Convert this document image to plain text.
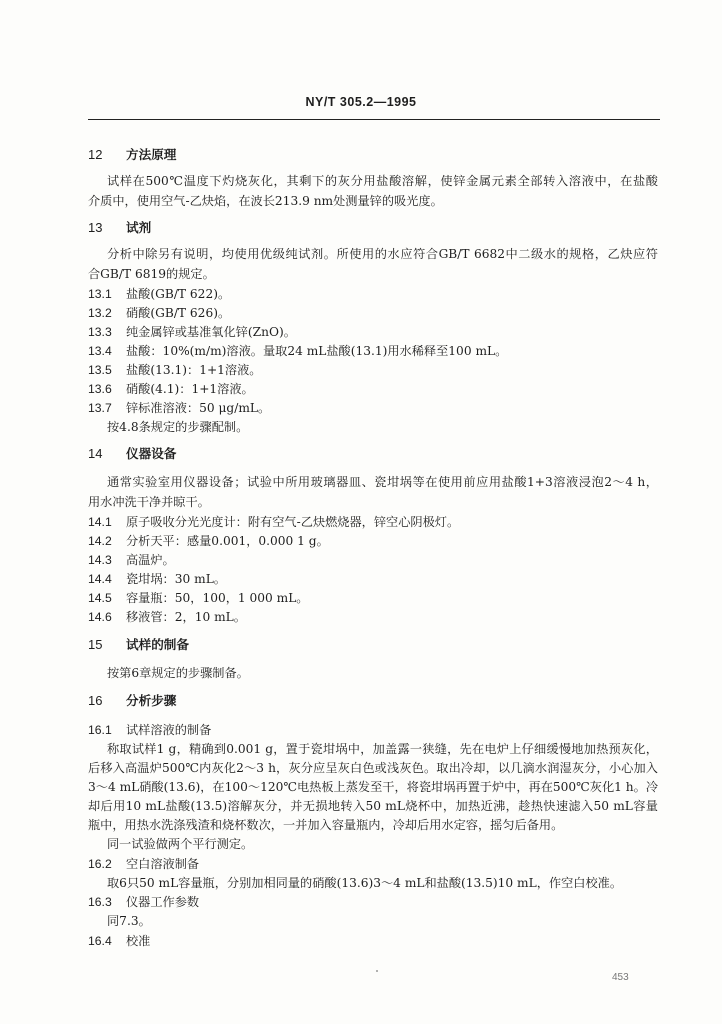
NY/T 305.2—1995
12 方法原理
试样在500℃温度下灼烧灰化，其剩下的灰分用盐酸溶解，使锌金属元素全部转入溶液中，在盐酸
介质中，使用空气-乙炔焰，在波长213.9 nm处测量锌的吸光度。
13 试剂
分析中除另有说明，均使用优级纯试剂。所使用的水应符合GB/T 6682中二级水的规格，乙炔应符
合GB/T 6819的规定。
13.1 盐酸(GB/T 622)。
13.2 硝酸(GB/T 626)。
13.3 纯金属锌或基准氧化锌(ZnO)。
13.4 盐酸：10%(m/m)溶液。量取24 mL盐酸(13.1)用水稀释至100 mL。
13.5 盐酸(13.1)：1+1溶液。
13.6 硝酸(4.1)：1+1溶液。
13.7 锌标准溶液：50 μg/mL。
按4.8条规定的步骤配制。
14 仪器设备
通常实验室用仪器设备；试验中所用玻璃器皿、瓷坩埚等在使用前应用盐酸1+3溶液浸泡2～4 h，
用水冲洗干净并晾干。
14.1 原子吸收分光光度计：附有空气-乙炔燃烧器，锌空心阴极灯。
14.2 分析天平：感量0.001，0.000 1 g。
14.3 高温炉。
14.4 瓷坩埚：30 mL。
14.5 容量瓶：50，100，1 000 mL。
14.6 移液管：2，10 mL。
15 试样的制备
按第6章规定的步骤制备。
16 分析步骤
16.1 试样溶液的制备
称取试样1 g，精确到0.001 g，置于瓷坩埚中，加盖露一狭缝，先在电炉上仔细缓慢地加热预灰化，
后移入高温炉500℃内灰化2～3 h，灰分应呈灰白色或浅灰色。取出冷却，以几滴水润湿灰分，小心加入
3～4 mL硝酸(13.6)，在100～120℃电热板上蒸发至干，将瓷坩埚再置于炉中，再在500℃灰化1 h。冷
却后用10 mL盐酸(13.5)溶解灰分，并无损地转入50 mL烧杯中，加热近沸，趁热快速滤入50 mL容量
瓶中，用热水洗涤残渣和烧杯数次，一并加入容量瓶内，冷却后用水定容，摇匀后备用。
同一试验做两个平行测定。
16.2 空白溶液制备
取6只50 mL容量瓶，分别加相同量的硝酸(13.6)3～4 mL和盐酸(13.5)10 mL，作空白校准。
16.3 仪器工作参数
同7.3。
16.4 校准
453
